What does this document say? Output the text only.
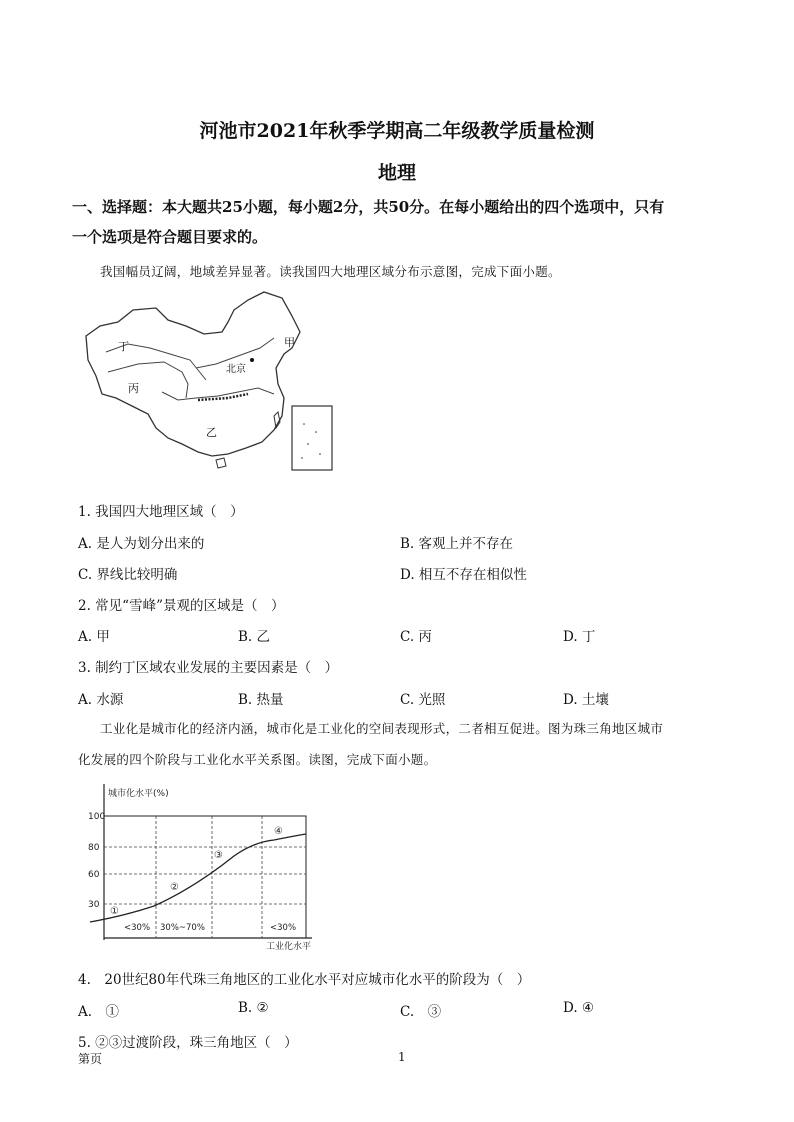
河池市2021年秋季学期高二年级教学质量检测
地理
一、选择题：本大题共25小题，每小题2分，共50分。在每小题给出的四个选项中，只有
一个选项是符合题目要求的。
我国幅员辽阔，地域差异显著。读我国四大地理区域分布示意图，完成下面小题。
丁	甲
北京
丙
乙
1. 我国四大地理区域（　）
A. 是人为划分出来的	B. 客观上并不存在
C. 界线比较明确	D. 相互不存在相似性
2. 常见“雪峰”景观的区域是（　）
A. 甲	B. 乙	C. 丙	D. 丁
3. 制约丁区域农业发展的主要因素是（　）
A. 水源	B. 热量	C. 光照	D. 土壤
工业化是城市化的经济内涵，城市化是工业化的空间表现形式，二者相互促进。图为珠三角地区城市
化发展的四个阶段与工业化水平关系图。读图，完成下面小题。
城市化水平(%)
工业化水平
30
60
80
100
①
②
③
④
<30% 30%~70%	<30%
4.　20世纪80年代珠三角地区的工业化水平对应城市化水平的阶段为（　）
A.　①	B. ②	C.　③	D. ④
5. ②③过渡阶段，珠三角地区（　）
第页	1
